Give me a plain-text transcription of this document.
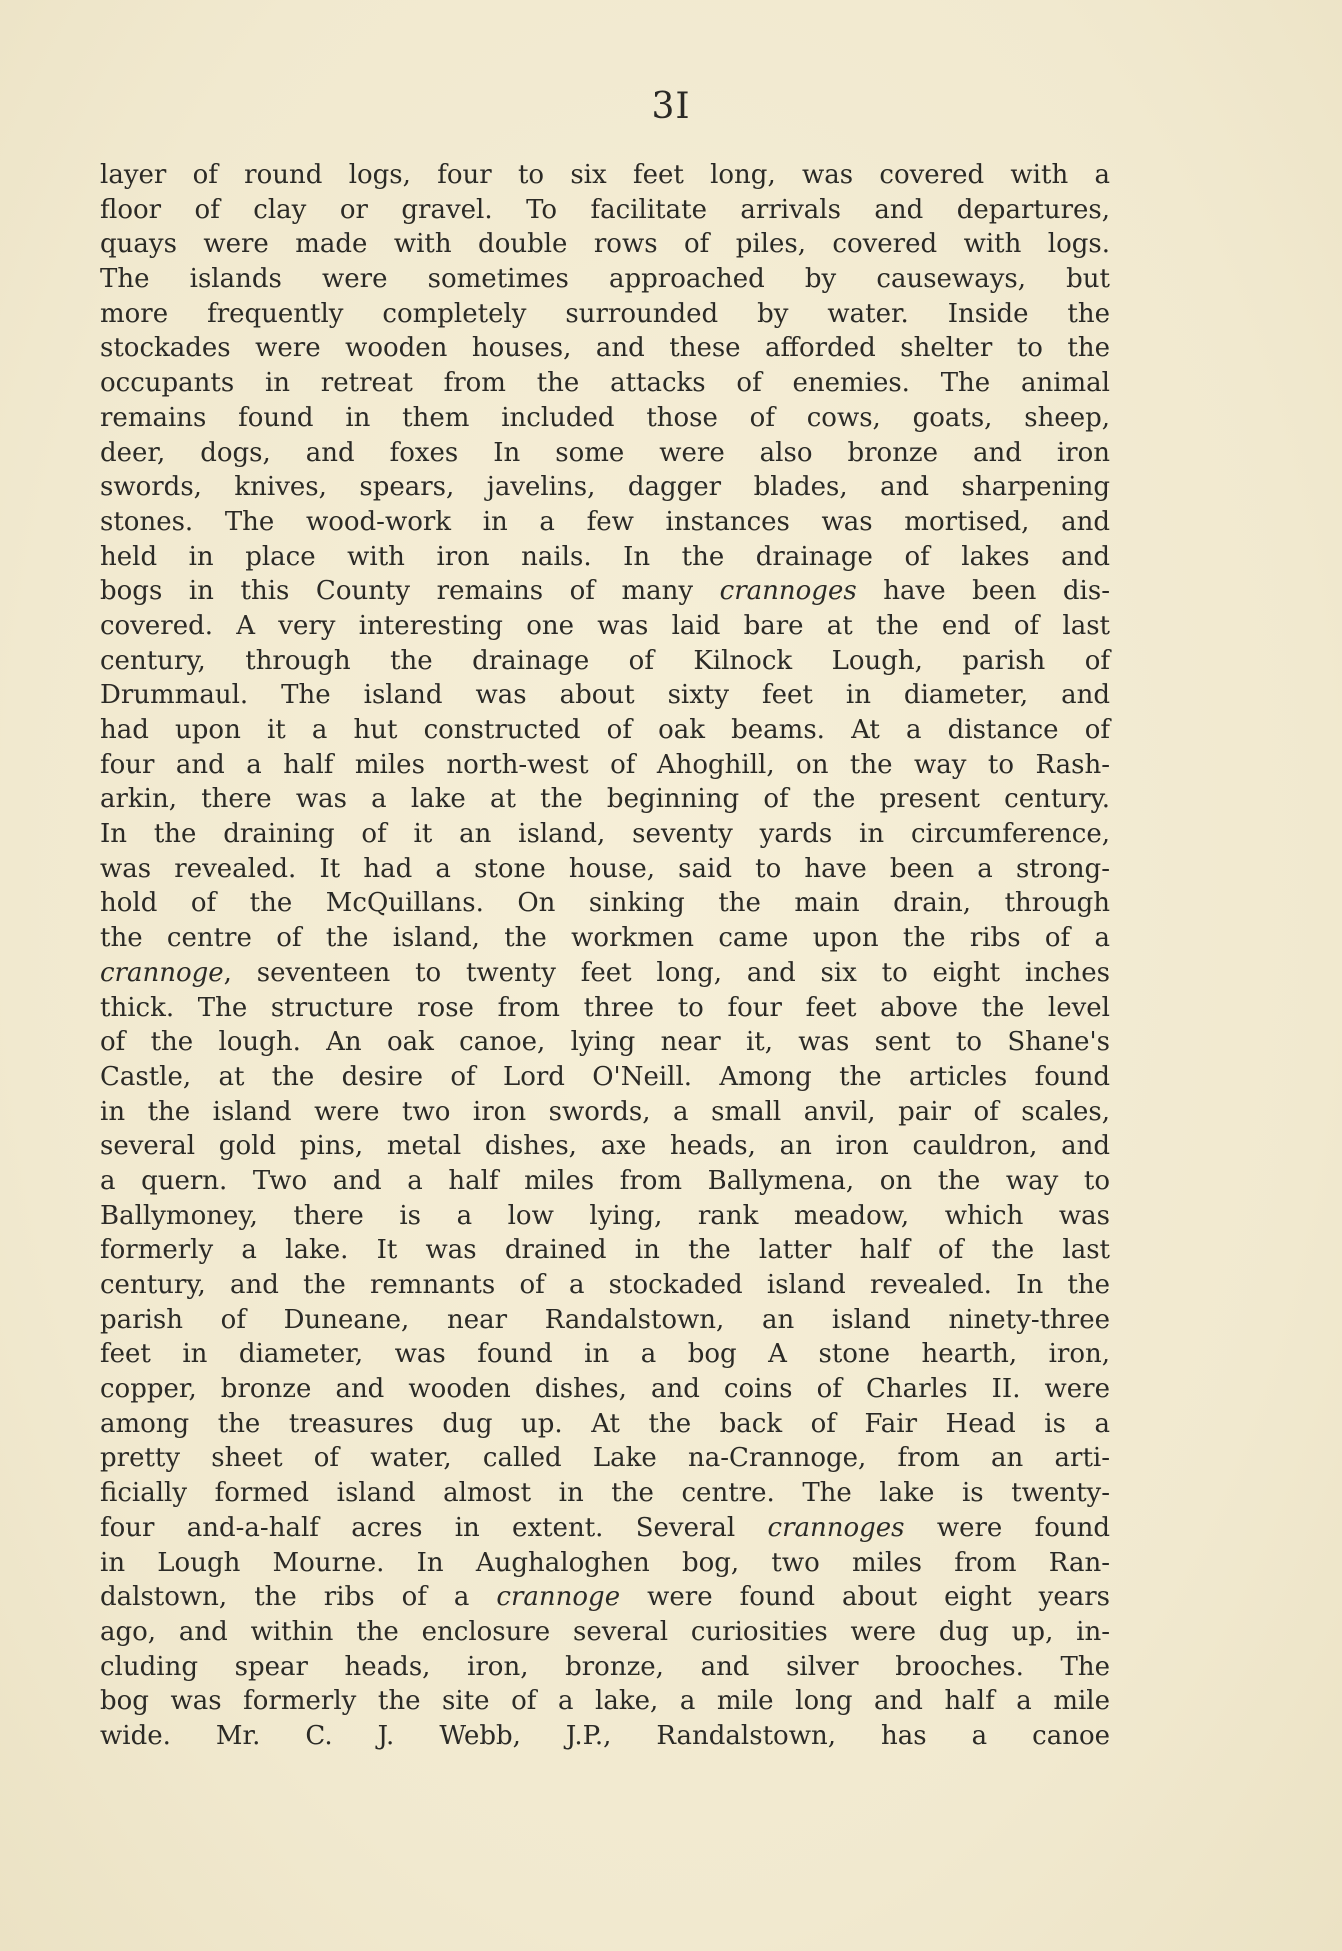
3I
layer of round logs, four to six feet long, was covered with a
floor of clay or gravel. To facilitate arrivals and departures,
quays were made with double rows of piles, covered with logs.
The islands were sometimes approached by causeways, but
more frequently completely surrounded by water. Inside the
stockades were wooden houses, and these afforded shelter to the
occupants in retreat from the attacks of enemies. The animal
remains found in them included those of cows, goats, sheep,
deer, dogs, and foxes In some were also bronze and iron
swords, knives, spears, javelins, dagger blades, and sharpening
stones. The wood-work in a few instances was mortised, and
held in place with iron nails. In the drainage of lakes and
bogs in this County remains of many crannoges have been dis-
covered. A very interesting one was laid bare at the end of last
century, through the drainage of Kilnock Lough, parish of
Drummaul. The island was about sixty feet in diameter, and
had upon it a hut constructed of oak beams. At a distance of
four and a half miles north-west of Ahoghill, on the way to Rash-
arkin, there was a lake at the beginning of the present century.
In the draining of it an island, seventy yards in circumference,
was revealed. It had a stone house, said to have been a strong-
hold of the McQuillans. On sinking the main drain, through
the centre of the island, the workmen came upon the ribs of a
crannoge, seventeen to twenty feet long, and six to eight inches
thick. The structure rose from three to four feet above the level
of the lough. An oak canoe, lying near it, was sent to Shane's
Castle, at the desire of Lord O'Neill. Among the articles found
in the island were two iron swords, a small anvil, pair of scales,
several gold pins, metal dishes, axe heads, an iron cauldron, and
a quern. Two and a half miles from Ballymena, on the way to
Ballymoney, there is a low lying, rank meadow, which was
formerly a lake. It was drained in the latter half of the last
century, and the remnants of a stockaded island revealed. In the
parish of Duneane, near Randalstown, an island ninety-three
feet in diameter, was found in a bog A stone hearth, iron,
copper, bronze and wooden dishes, and coins of Charles II. were
among the treasures dug up. At the back of Fair Head is a
pretty sheet of water, called Lake na-Crannoge, from an arti-
ficially formed island almost in the centre. The lake is twenty-
four and-a-half acres in extent. Several crannoges were found
in Lough Mourne. In Aughaloghen bog, two miles from Ran-
dalstown, the ribs of a crannoge were found about eight years
ago, and within the enclosure several curiosities were dug up, in-
cluding spear heads, iron, bronze, and silver brooches. The
bog was formerly the site of a lake, a mile long and half a mile
wide. Mr. C. J. Webb, J.P., Randalstown, has a canoe
